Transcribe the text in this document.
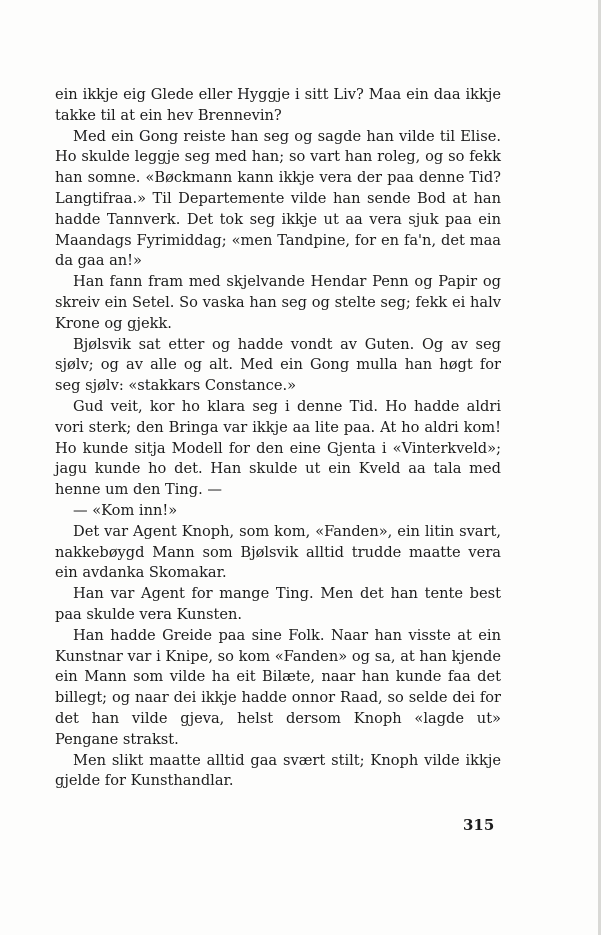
ein ikkje eig Glede eller Hyggje i sitt Liv? Maa ein daa ikkje takke til at ein hev Brennevin?

Med ein Gong reiste han seg og sagde han vilde til Elise. Ho skulde leggje seg med han; so vart han roleg, og so fekk han somne. «Bøckmann kann ikkje vera der paa denne Tid? Langtifraa.» Til Departemente vilde han sende Bod at han hadde Tannverk. Det tok seg ikkje ut aa vera sjuk paa ein Maandags Fyrimiddag; «men Tandpine, for en fa'n, det maa da gaa an!»

Han fann fram med skjelvande Hendar Penn og Papir og skreiv ein Setel. So vaska han seg og stelte seg; fekk ei halv Krone og gjekk.

Bjølsvik sat etter og hadde vondt av Guten. Og av seg sjølv; og av alle og alt. Med ein Gong mulla han høgt for seg sjølv: «stakkars Constance.»

Gud veit, kor ho klara seg i denne Tid. Ho hadde aldri vori sterk; den Bringa var ikkje aa lite paa. At ho aldri kom! Ho kunde sitja Modell for den eine Gjenta i «Vinterkveld»; jagu kunde ho det. Han skulde ut ein Kveld aa tala med henne um den Ting. —

— «Kom inn!»

Det var Agent Knoph, som kom, «Fanden», ein litin svart, nakkebøygd Mann som Bjølsvik alltid trudde maatte vera ein avdanka Skomakar.

Han var Agent for mange Ting. Men det han tente best paa skulde vera Kunsten.

Han hadde Greide paa sine Folk. Naar han visste at ein Kunstnar var i Knipe, so kom «Fanden» og sa, at han kjende ein Mann som vilde ha eit Bilæte, naar han kunde faa det billegt; og naar dei ikkje hadde onnor Raad, so selde dei for det han vilde gjeva, helst dersom Knoph «lagde ut» Pengane strakst.

Men slikt maatte alltid gaa svært stilt; Knoph vilde ikkje gjelde for Kunsthandlar.

315
